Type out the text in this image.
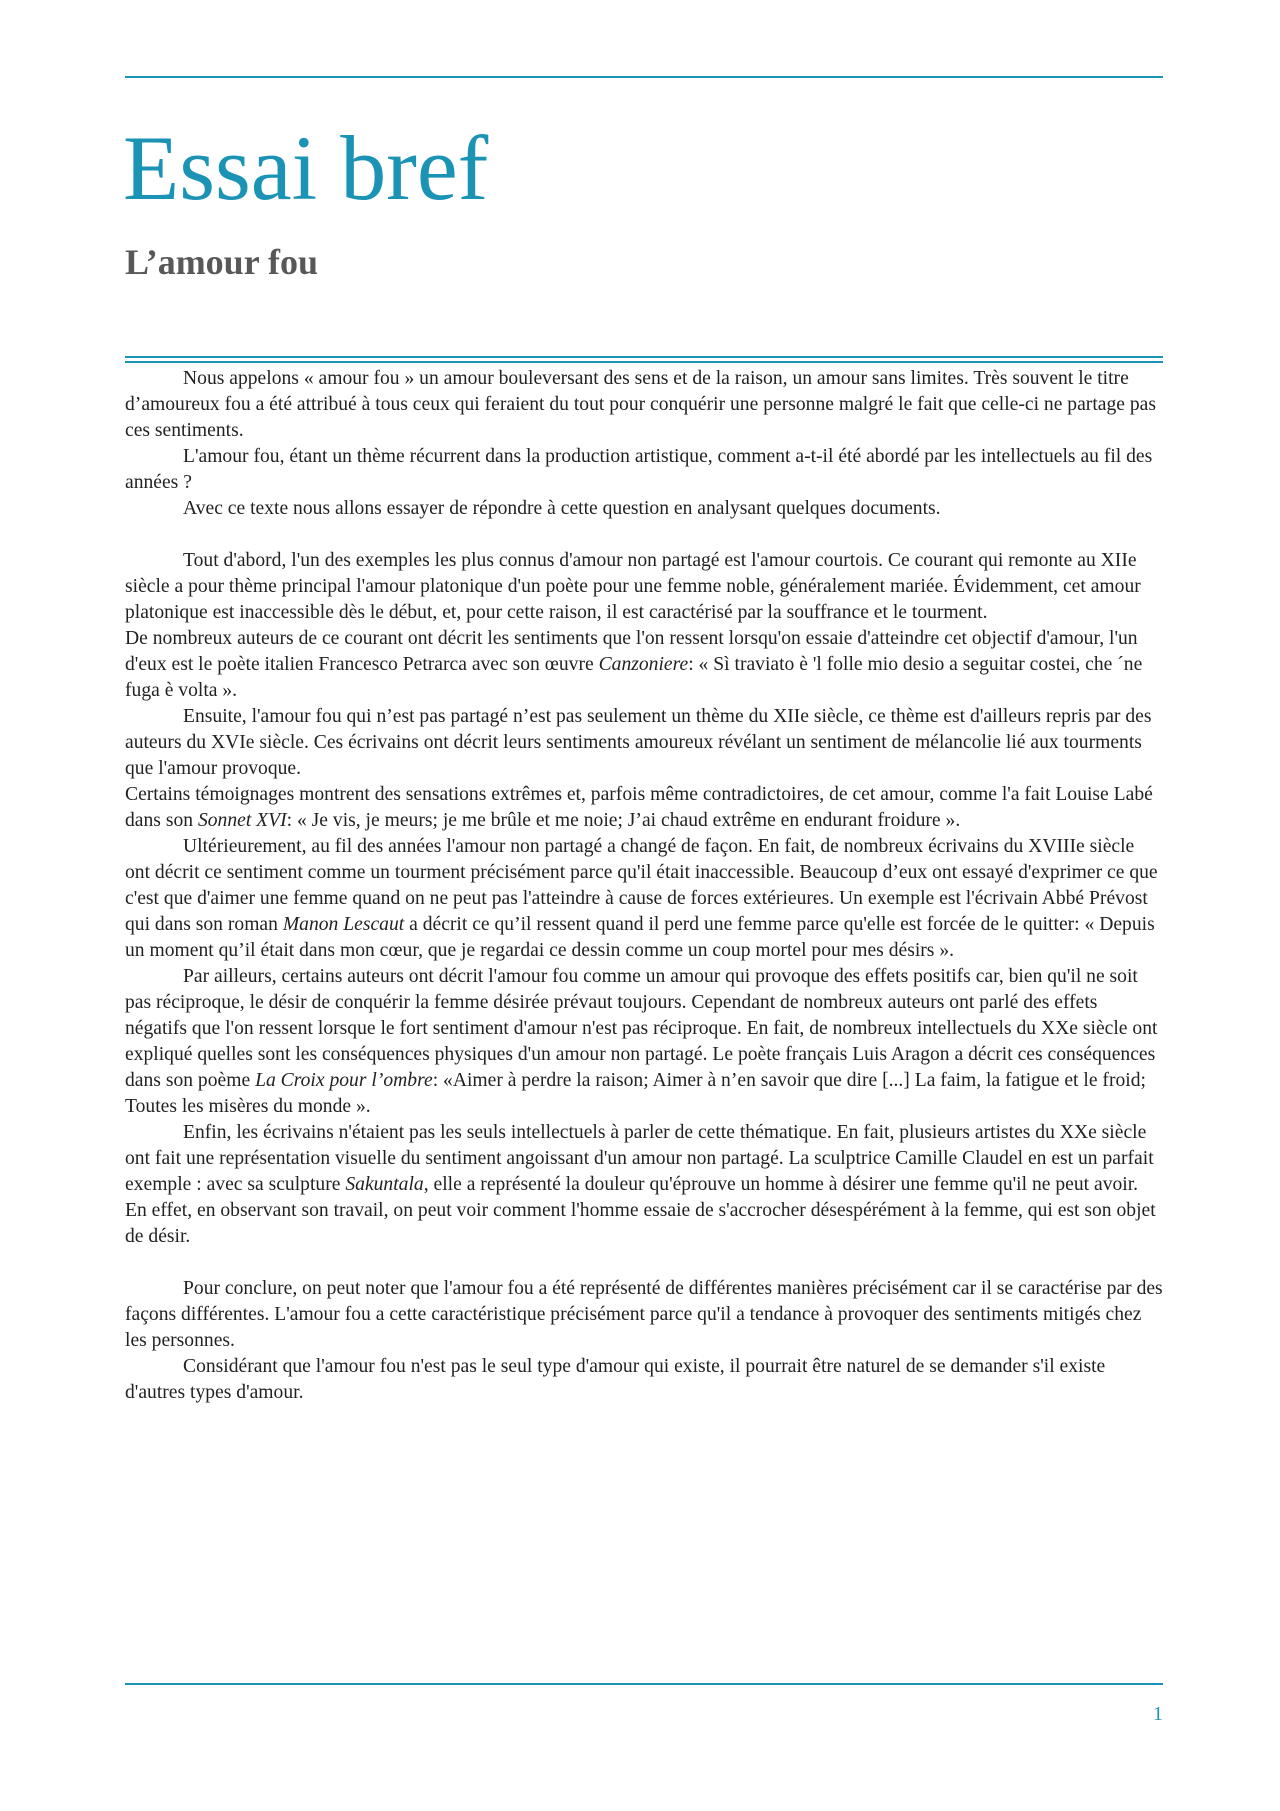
Essai bref
L’amour fou

Nous appelons « amour fou » un amour bouleversant des sens et de la raison, un amour sans limites. Très souvent le titre d’amoureux fou a été attribué à tous ceux qui feraient du tout pour conquérir une personne malgré le fait que celle-ci ne partage pas ces sentiments.

L'amour fou, étant un thème récurrent dans la production artistique, comment a-t-il été abordé par les intellectuels au fil des années ?

Avec ce texte nous allons essayer de répondre à cette question en analysant quelques documents.

Tout d'abord, l'un des exemples les plus connus d'amour non partagé est l'amour courtois. Ce courant qui remonte au XIIe siècle a pour thème principal l'amour platonique d'un poète pour une femme noble, généralement mariée. Évidemment, cet amour platonique est inaccessible dès le début, et, pour cette raison, il est caractérisé par la souffrance et le tourment.

De nombreux auteurs de ce courant ont décrit les sentiments que l'on ressent lorsqu'on essaie d'atteindre cet objectif d'amour, l'un d'eux est le poète italien Francesco Petrarca avec son œuvre Canzoniere: « Sì traviato è 'l folle mio desio a seguitar costei, che ´ne fuga è volta ».

Ensuite, l'amour fou qui n’est pas partagé n’est pas seulement un thème du XIIe siècle, ce thème est d'ailleurs repris par des auteurs du XVIe siècle. Ces écrivains ont décrit leurs sentiments amoureux révélant un sentiment de mélancolie lié aux tourments que l'amour provoque.

Certains témoignages montrent des sensations extrêmes et, parfois même contradictoires, de cet amour, comme l'a fait Louise Labé dans son Sonnet XVI: « Je vis, je meurs; je me brûle et me noie; J’ai chaud extrême en endurant froidure ».

Ultérieurement, au fil des années l'amour non partagé a changé de façon. En fait, de nombreux écrivains du XVIIIe siècle ont décrit ce sentiment comme un tourment précisément parce qu'il était inaccessible. Beaucoup d’eux ont essayé d'exprimer ce que c'est que d'aimer une femme quand on ne peut pas l'atteindre à cause de forces extérieures. Un exemple est l'écrivain Abbé Prévost qui dans son roman Manon Lescaut a décrit ce qu’il ressent quand il perd une femme parce qu'elle est forcée de le quitter: « Depuis un moment qu’il était dans mon cœur, que je regardai ce dessin comme un coup mortel pour mes désirs ».

Par ailleurs, certains auteurs ont décrit l'amour fou comme un amour qui provoque des effets positifs car, bien qu'il ne soit pas réciproque, le désir de conquérir la femme désirée prévaut toujours. Cependant de nombreux auteurs ont parlé des effets négatifs que l'on ressent lorsque le fort sentiment d'amour n'est pas réciproque. En fait, de nombreux intellectuels du XXe siècle ont expliqué quelles sont les conséquences physiques d'un amour non partagé. Le poète français Luis Aragon a décrit ces conséquences dans son poème La Croix pour l’ombre: «Aimer à perdre la raison; Aimer à n’en savoir que dire [...] La faim, la fatigue et le froid; Toutes les misères du monde ».

Enfin, les écrivains n'étaient pas les seuls intellectuels à parler de cette thématique. En fait, plusieurs artistes du XXe siècle ont fait une représentation visuelle du sentiment angoissant d'un amour non partagé. La sculptrice Camille Claudel en est un parfait exemple : avec sa sculpture Sakuntala, elle a représenté la douleur qu'éprouve un homme à désirer une femme qu'il ne peut avoir. En effet, en observant son travail, on peut voir comment l'homme essaie de s'accrocher désespérément à la femme, qui est son objet de désir.

Pour conclure, on peut noter que l'amour fou a été représenté de différentes manières précisément car il se caractérise par des façons différentes. L'amour fou a cette caractéristique précisément parce qu'il a tendance à provoquer des sentiments mitigés chez les personnes.

Considérant que l'amour fou n'est pas le seul type d'amour qui existe, il pourrait être naturel de se demander s'il existe d'autres types d'amour.

1
